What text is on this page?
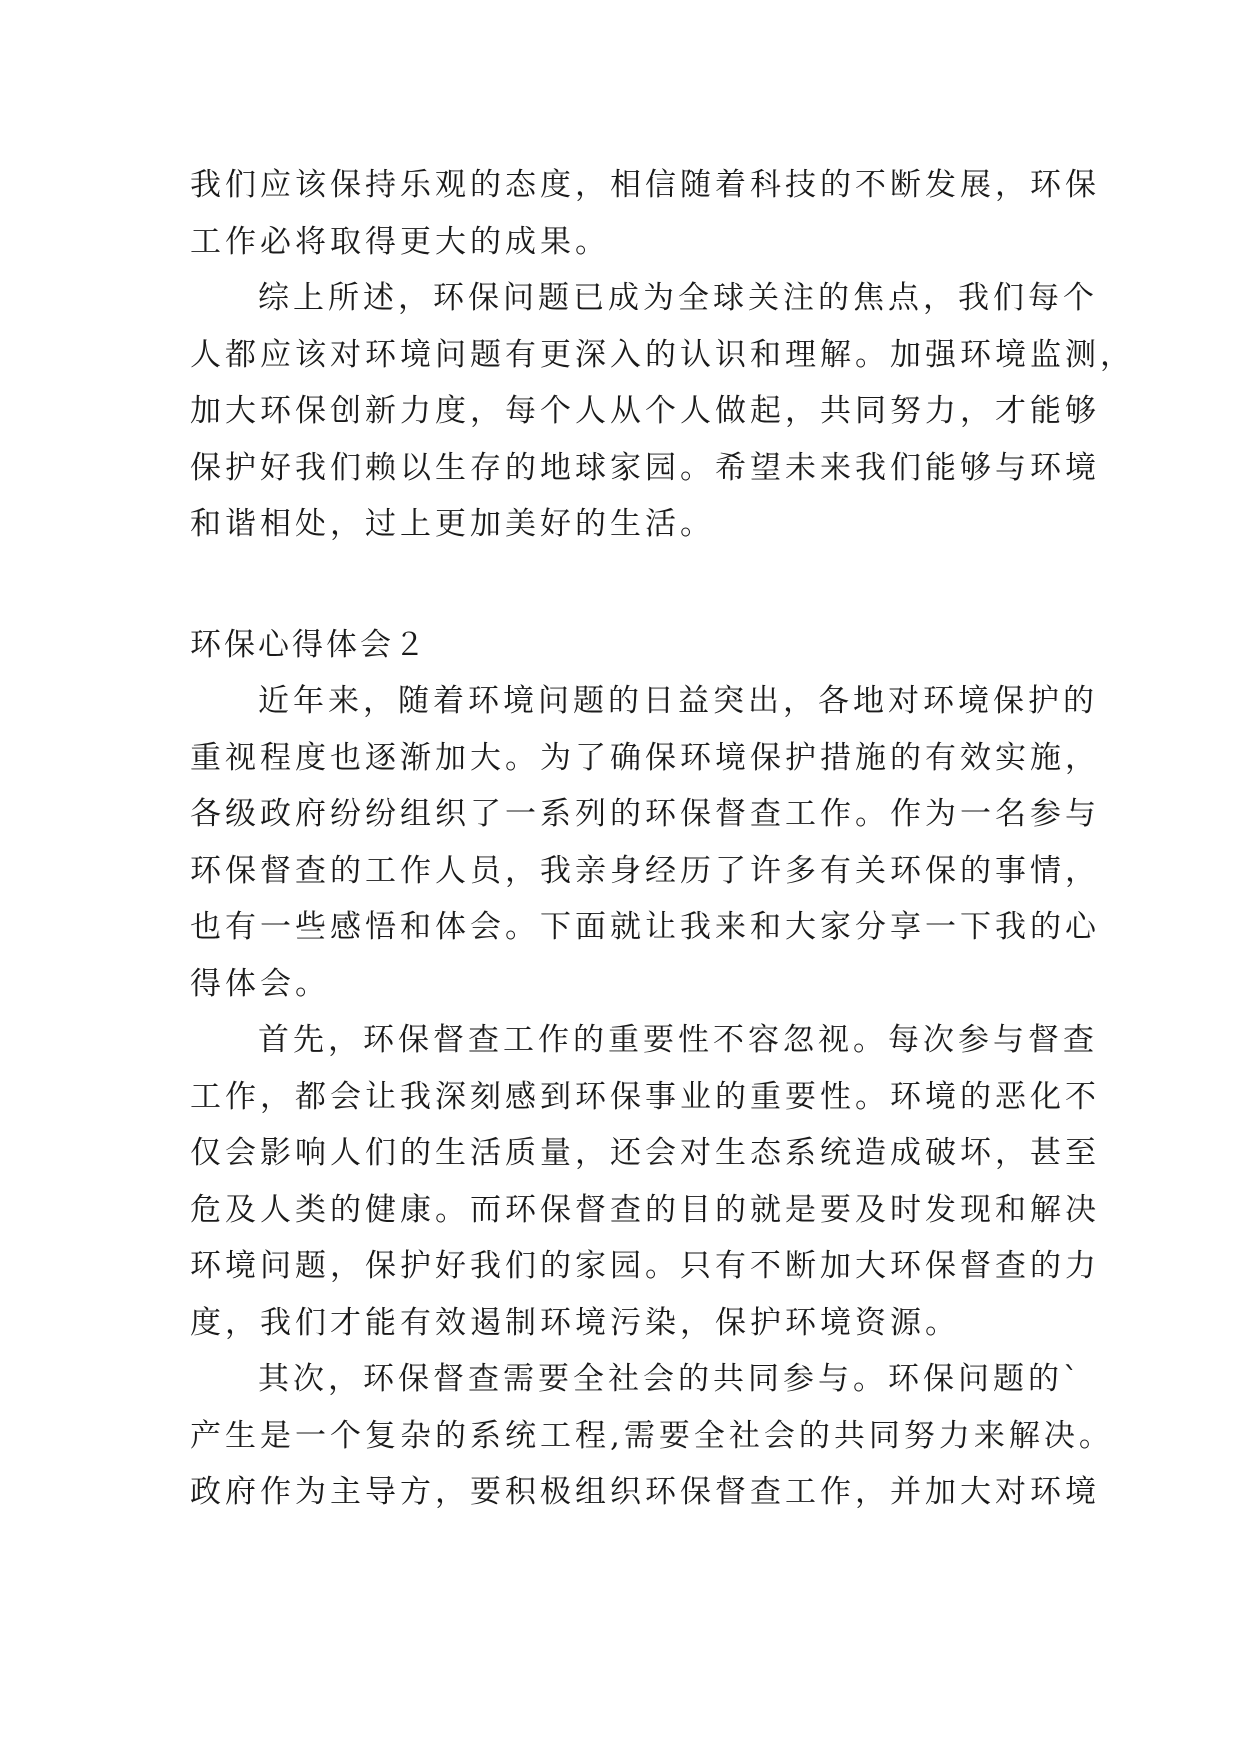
我们应该保持乐观的态度，相信随着科技的不断发展，环保
工作必将取得更大的成果。
综上所述，环保问题已成为全球关注的焦点，我们每个
人都应该对环境问题有更深入的认识和理解。加强环境监测，
加大环保创新力度，每个人从个人做起，共同努力，才能够
保护好我们赖以生存的地球家园。希望未来我们能够与环境
和谐相处，过上更加美好的生活。
环保心得体会２
近年来，随着环境问题的日益突出，各地对环境保护的
重视程度也逐渐加大。为了确保环境保护措施的有效实施，
各级政府纷纷组织了一系列的环保督查工作。作为一名参与
环保督查的工作人员，我亲身经历了许多有关环保的事情，
也有一些感悟和体会。下面就让我来和大家分享一下我的心
得体会。
首先，环保督查工作的重要性不容忽视。每次参与督查
工作，都会让我深刻感到环保事业的重要性。环境的恶化不
仅会影响人们的生活质量，还会对生态系统造成破坏，甚至
危及人类的健康。而环保督查的目的就是要及时发现和解决
环境问题，保护好我们的家园。只有不断加大环保督查的力
度，我们才能有效遏制环境污染，保护环境资源。
其次，环保督查需要全社会的共同参与。环保问题的`
产生是一个复杂的系统工程,需要全社会的共同努力来解决。
政府作为主导方，要积极组织环保督查工作，并加大对环境
